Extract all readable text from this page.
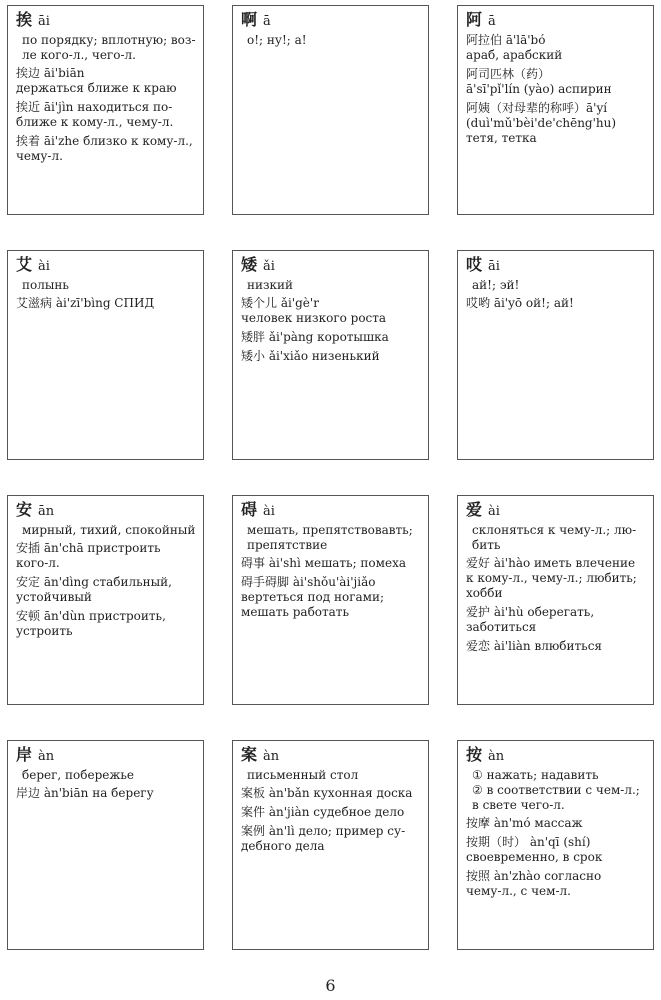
挨 āi
по порядку; вплотную; воз-
ле кого-л., чего-л.
挨边 āi'biān
держаться ближе к краю
挨近 āi'jìn находиться по-
ближе к кому-л., чему-л.
挨着 āi'zhe близко к кому-л.,
чему-л.
啊 ā
о!; ну!; а!
阿 ā
阿拉伯 ā'lā'bó
араб, арабский
阿司匹林（药）
ā'sī'pǐ'lín (yào) аспирин
阿姨（对母辈的称呼）ā'yí
(duì'mǔ'bèi'de'chēng'hu)
тетя, тетка
艾 ài
полынь
艾滋病 ài'zī'bìng СПИД
矮 ǎi
низкий
矮个儿 ǎi'gè'r
человек низкого роста
矮胖 ǎi'pàng коротышка
矮小 ǎi'xiǎo низенький
哎 āi
ай!; эй!
哎哟 āi'yō ой!; ай!
安 ān
мирный, тихий, спокойный
安插 ān'chā пристроить
кого-л.
安定 ān'dìng стабильный,
устойчивый
安顿 ān'dùn пристроить,
устроить
碍 ài
мешать, препятствовавть;
препятствие
碍事 ài'shì мешать; помеха
碍手碍脚 ài'shǒu'ài'jiǎo
вертеться под ногами;
мешать работать
爱 ài
склоняться к чему-л.; лю-
бить
爱好 ài'hào иметь влечение
к кому-л., чему-л.; любить;
хобби
爱护 ài'hù оберегать,
заботиться
爱恋 ài'liàn влюбиться
岸 àn
берег, побережье
岸边 àn'biān на берегу
案 àn
письменный стол
案板 àn'bǎn кухонная доска
案件 àn'jiàn судебное дело
案例 àn'lì дело; пример су-
дебного дела
按 àn
① нажать; надавить
② в соответствии с чем-л.;
в свете чего-л.
按摩 àn'mó массаж
按期（时） àn'qī (shí)
своевременно, в срок
按照 àn'zhào согласно
чему-л., с чем-л.
6
